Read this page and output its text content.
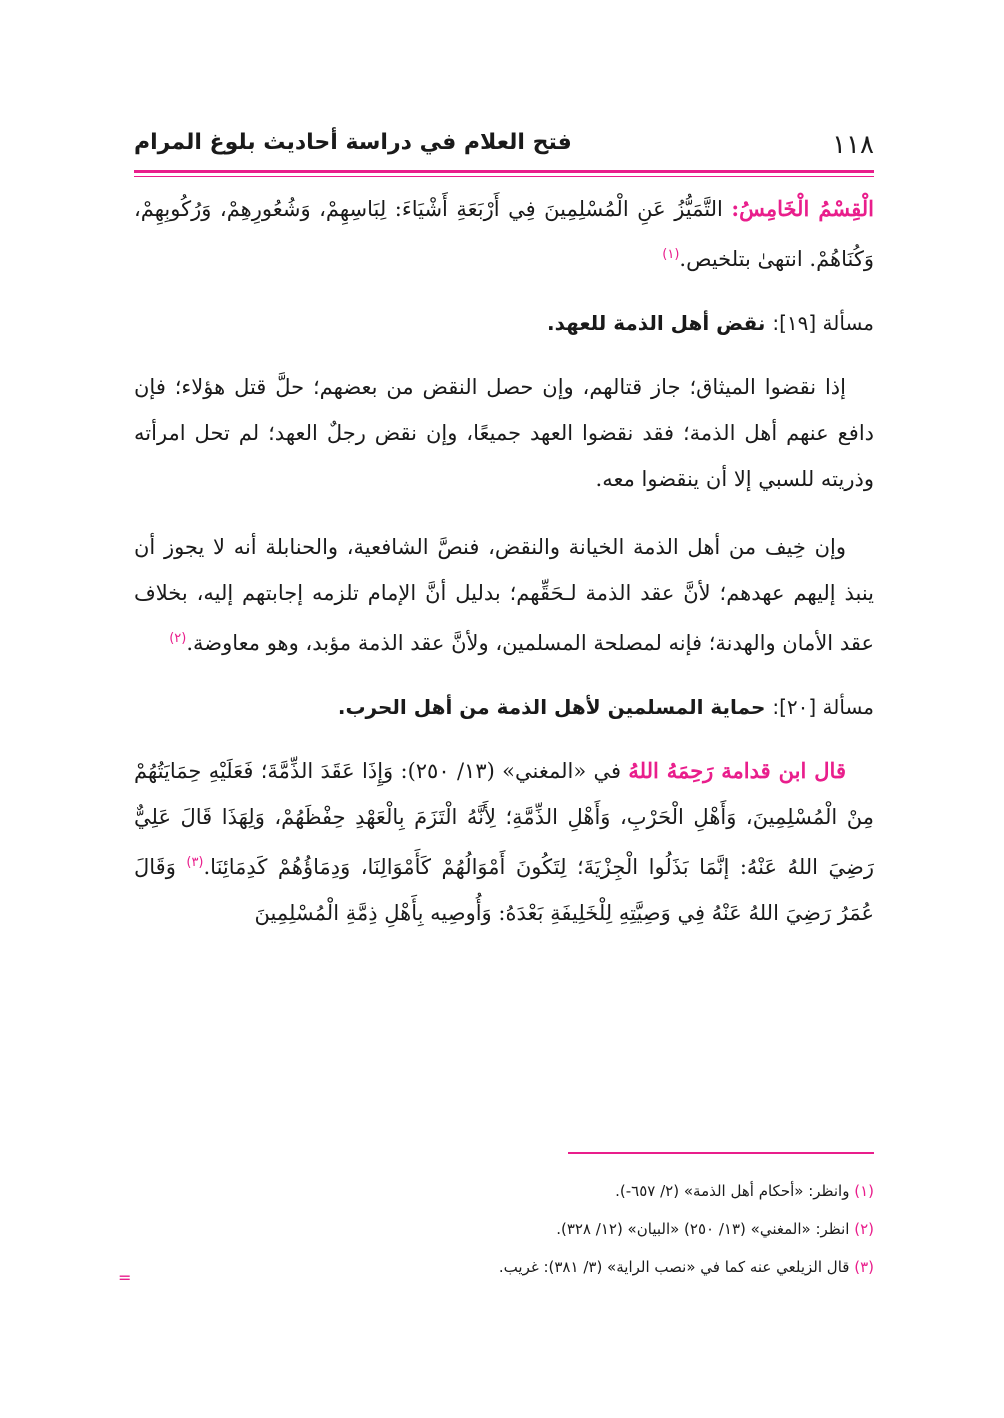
١١٨
فتح العلام في دراسة أحاديث بلوغ المرام

الْقِسْمُ الْخَامِسُ: التَّمَيُّزُ عَنِ الْمُسْلِمِينَ فِي أَرْبَعَةِ أَشْيَاءَ: لِبَاسِهِمْ، وَشُعُورِهِمْ، وَرُكُوبِهِمْ، وَكُنَاهُمْ. انتهىٰ بتلخيص.$^{(١)}$

مسألة [١٩]: نقض أهل الذمة للعهد.

إذا نقضوا الميثاق؛ جاز قتالهم، وإن حصل النقض من بعضهم؛ حلَّ قتل هؤلاء؛ فإن دافع عنهم أهل الذمة؛ فقد نقضوا العهد جميعًا، وإن نقض رجلٌ العهد؛ لم تحل امرأته وذريته للسبي إلا أن ينقضوا معه.

وإن خِيف من أهل الذمة الخيانة والنقض، فنصَّ الشافعية، والحنابلة أنه لا يجوز أن ينبذ إليهم عهدهم؛ لأنَّ عقد الذمة لـحَقِّهم؛ بدليل أنَّ الإمام تلزمه إجابتهم إليه، بخلاف عقد الأمان والهدنة؛ فإنه لمصلحة المسلمين، ولأنَّ عقد الذمة مؤبد، وهو معاوضة.$^{(٢)}$

مسألة [٢٠]: حماية المسلمين لأهل الذمة من أهل الحرب.

قال ابن قدامة رَحِمَهُ اللهُ في «المغني» (١٣/ ٢٥٠): وَإِذَا عَقَدَ الذِّمَّةَ؛ فَعَلَيْهِ حِمَايَتُهُمْ مِنْ الْمُسْلِمِينَ، وَأَهْلِ الْحَرْبِ، وَأَهْلِ الذِّمَّةِ؛ لِأَنَّهُ الْتَزَمَ بِالْعَهْدِ حِفْظَهُمْ، وَلِهَذَا قَالَ عَلِيٌّ رَضِيَ اللهُ عَنْهُ: إنَّمَا بَذَلُوا الْجِزْيَةَ؛ لِتَكُونَ أَمْوَالُهُمْ كَأَمْوَالِنَا، وَدِمَاؤُهُمْ كَدِمَائِنَا.$^{(٣)}$ وَقَالَ عُمَرُ رَضِيَ اللهُ عَنْهُ فِي وَصِيَّتِهِ لِلْخَلِيفَةِ بَعْدَهُ: وَأُوصِيه بِأَهْلِ ذِمَّةِ الْمُسْلِمِينَ

(١) وانظر: «أحكام أهل الذمة» (٢/ ٦٥٧-).
(٢) انظر: «المغني» (١٣/ ٢٥٠) «البيان» (١٢/ ٣٢٨).
(٣) قال الزيلعي عنه كما في «نصب الراية» (٣/ ٣٨١): غريب.
=
